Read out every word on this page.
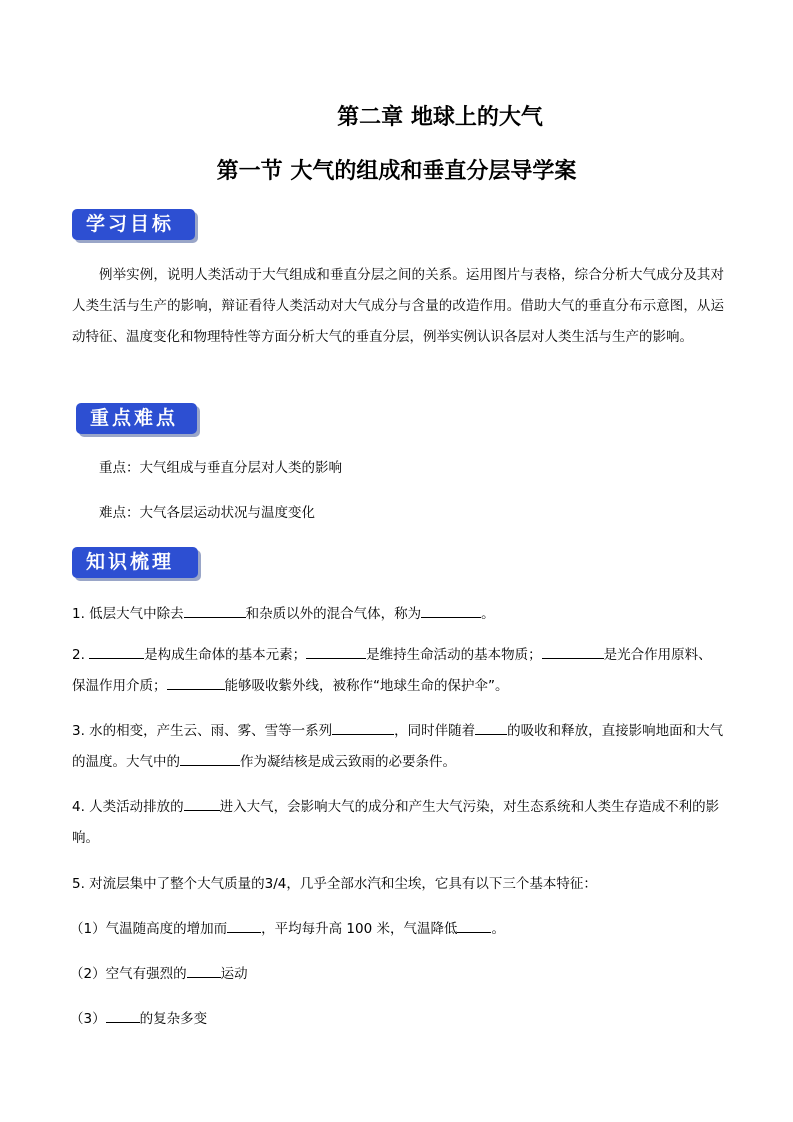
第二章 地球上的大气
第一节 大气的组成和垂直分层导学案
学习目标
例举实例，说明人类活动于大气组成和垂直分层之间的关系。运用图片与表格，综合分析大气成分及其对人类生活与生产的影响，辩证看待人类活动对大气成分与含量的改造作用。借助大气的垂直分布示意图，从运动特征、温度变化和物理特性等方面分析大气的垂直分层，例举实例认识各层对人类生活与生产的影响。
重点难点
重点：大气组成与垂直分层对人类的影响
难点：大气各层运动状况与温度变化
知识梳理
1. 低层大气中除去	和杂质以外的混合气体，称为	。
2.	是构成生命体的基本元素；	是维持生命活动的基本物质；	是光合作用原料、保温作用介质；	能够吸收紫外线，被称作“地球生命的保护伞”。
3. 水的相变，产生云、雨、雾、雪等一系列	，同时伴随着 的吸收和释放，直接影响地面和大气的温度。大气中的	作为凝结核是成云致雨的必要条件。
4. 人类活动排放的	进入大气，会影响大气的成分和产生大气污染，对生态系统和人类生存造成不利的影响。
5. 对流层集中了整个大气质量的3/4，几乎全部水汽和尘埃，它具有以下三个基本特征：
（1）气温随高度的增加而	，平均每升高 100 米，气温降低	。
（2）空气有强烈的	运动
（3）	的复杂多变
